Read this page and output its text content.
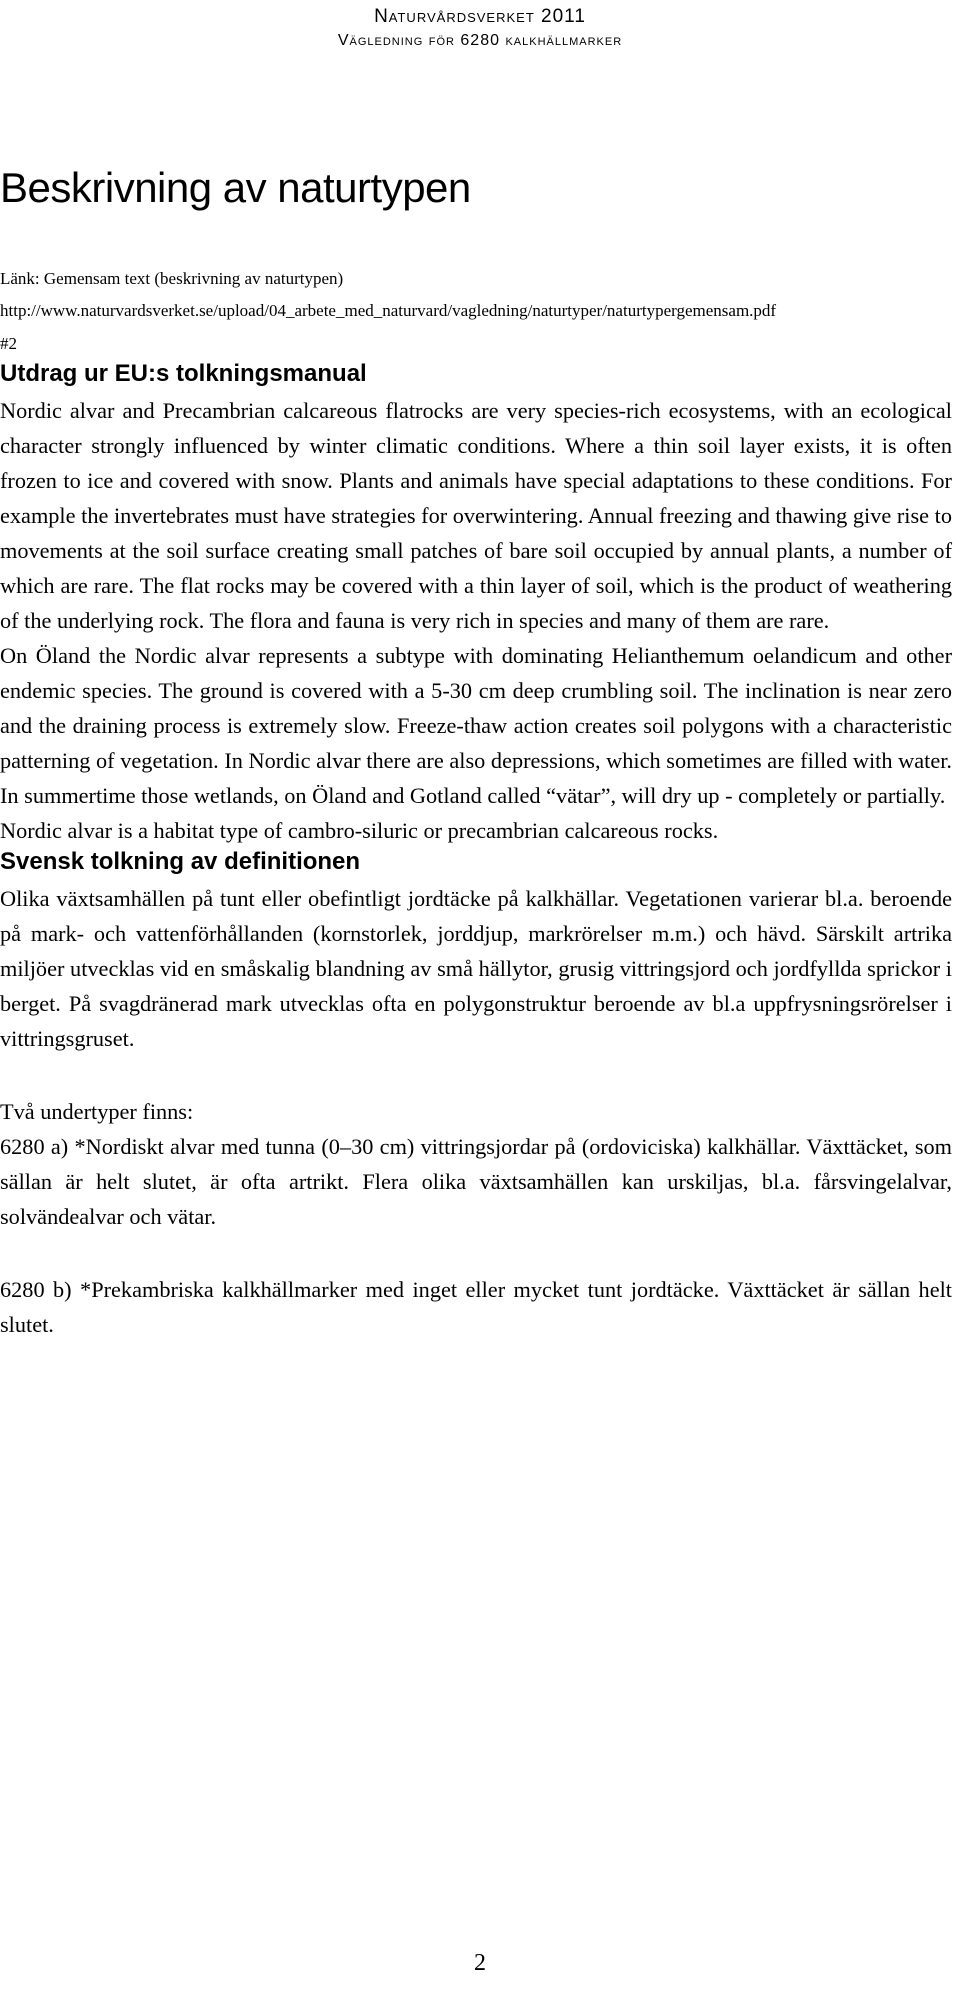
Naturvårdsverket 2011
Vägledning för 6280 kalkhällmarker
Beskrivning av naturtypen
Länk: Gemensam text (beskrivning av naturtypen)
http://www.naturvardsverket.se/upload/04_arbete_med_naturvard/vagledning/naturtyper/naturtypergemensam.pdf
#2
Utdrag ur EU:s tolkningsmanual

Nordic alvar and Precambrian calcareous flatrocks are very species-rich ecosystems, with an ecological character strongly influenced by winter climatic conditions. Where a thin soil layer exists, it is often frozen to ice and covered with snow. Plants and animals have special adaptations to these conditions. For example the invertebrates must have strategies for overwintering. Annual freezing and thawing give rise to movements at the soil surface creating small patches of bare soil occupied by annual plants, a number of which are rare. The flat rocks may be covered with a thin layer of soil, which is the product of weathering of the underlying rock. The flora and fauna is very rich in species and many of them are rare.

On Öland the Nordic alvar represents a subtype with dominating Helianthemum oelandicum and other endemic species. The ground is covered with a 5-30 cm deep crumbling soil. The inclination is near zero and the draining process is extremely slow. Freeze-thaw action creates soil polygons with a characteristic patterning of vegetation. In Nordic alvar there are also depressions, which sometimes are filled with water. In summertime those wetlands, on Öland and Gotland called “vätar”, will dry up - completely or partially.

Nordic alvar is a habitat type of cambro-siluric or precambrian calcareous rocks.

Svensk tolkning av definitionen

Olika växtsamhällen på tunt eller obefintligt jordtäcke på kalkhällar. Vegetationen varierar bl.a. beroende på mark- och vattenförhållanden (kornstorlek, jorddjup, markrörelser m.m.) och hävd. Särskilt artrika miljöer utvecklas vid en småskalig blandning av små hällytor, grusig vittringsjord och jordfyllda sprickor i berget. På svagdränerad mark utvecklas ofta en polygonstruktur beroende av bl.a uppfrysningsrörelser i vittringsgruset.

Två undertyper finns:

6280 a) *Nordiskt alvar med tunna (0–30 cm) vittringsjordar på (ordoviciska) kalkhällar. Växttäcket, som sällan är helt slutet, är ofta artrikt. Flera olika växtsamhällen kan urskiljas, bl.a. fårsvingelalvar, solvändealvar och vätar.

6280 b) *Prekambriska kalkhällmarker med inget eller mycket tunt jordtäcke. Växttäcket är sällan helt slutet.

2
